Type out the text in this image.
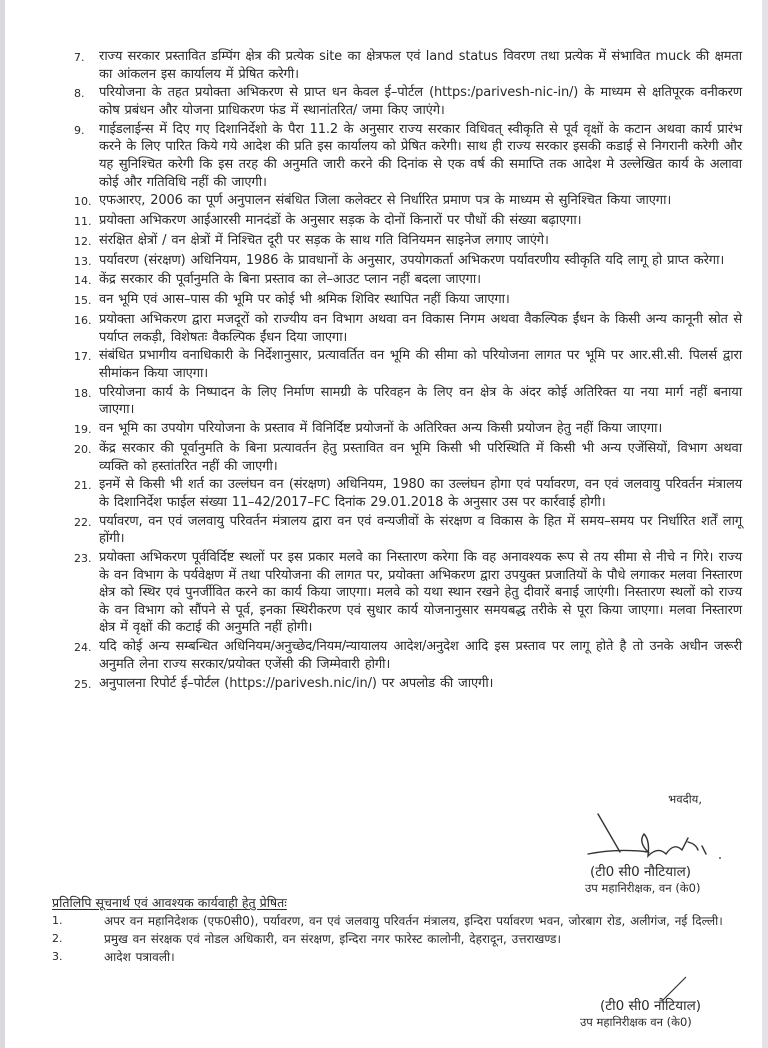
7.	राज्य सरकार प्रस्तावित डम्पिंग क्षेत्र की प्रत्येक site का क्षेत्रफल एवं land status विवरण तथा प्रत्येक में संभावित muck की क्षमता का आंकलन इस कार्यालय में प्रेषित करेगी।
8.	परियोजना के तहत प्रयोक्ता अभिकरण से प्राप्त धन केवल ई–पोर्टल (https:/parivesh-nic-in/) के माध्यम से क्षतिपूरक वनीकरण कोष प्रबंधन और योजना प्राधिकरण फंड में स्थानांतरित/ जमा किए जाएंगे।
9.	गाईडलाईन्स में दिए गए दिशानिर्देशो के पैरा 11.2 के अनुसार राज्य सरकार विधिवत् स्वीकृति से पूर्व वृक्षों के कटान अथवा कार्य प्रारंभ करने के लिए पारित किये गये आदेश की प्रति इस कार्यालय को प्रेषित करेगी। साथ ही राज्य सरकार इसकी कडाई से निगरानी करेगी और यह सुनिश्चित करेगी कि इस तरह की अनुमति जारी करने की दिनांक से एक वर्ष की समाप्ति तक आदेश मे उल्लेखित कार्य के अलावा कोई और गतिविधि नहीं की जाएगी।
10. एफआरए, 2006 का पूर्ण अनुपालन संबंधित जिला कलेक्टर से निर्धारित प्रमाण पत्र के माध्यम से सुनिश्चित किया जाएगा।
11. प्रयोक्ता अभिकरण आईआरसी मानदंडों के अनुसार सड़क के दोनों किनारों पर पौधों की संख्या बढ़ाएगा।
12. संरक्षित क्षेत्रों / वन क्षेत्रों में निश्चित दूरी पर सड़क के साथ गति विनियमन साइनेज लगाए जाएंगे।
13. पर्यावरण (संरक्षण) अधिनियम, 1986 के प्रावधानों के अनुसार, उपयोगकर्ता अभिकरण पर्यावरणीय स्वीकृति यदि लागू हो प्राप्त करेगा।
14. केंद्र सरकार की पूर्वानुमति के बिना प्रस्ताव का ले–आउट प्लान नहीं बदला जाएगा।
15. वन भूमि एवं आस–पास की भूमि पर कोई भी श्रमिक शिविर स्थापित नहीं किया जाएगा।
16. प्रयोक्ता अभिकरण द्वारा मजदूरों को राज्यीय वन विभाग अथवा वन विकास निगम अथवा वैकल्पिक ईंधन के किसी अन्य कानूनी स्रोत से पर्याप्त लकड़ी, विशेषतः वैकल्पिक ईंधन दिया जाएगा।
17. संबंधित प्रभागीय वनाधिकारी के निर्देशानुसार, प्रत्यावर्तित वन भूमि की सीमा को परियोजना लागत पर भूमि पर आर.सी.सी. पिलर्स द्वारा सीमांकन किया जाएगा।
18. परियोजना कार्य के निष्पादन के लिए निर्माण सामग्री के परिवहन के लिए वन क्षेत्र के अंदर कोई अतिरिक्त या नया मार्ग नहीं बनाया जाएगा।
19. वन भूमि का उपयोग परियोजना के प्रस्ताव में विनिर्दिष्ट प्रयोजनों के अतिरिक्त अन्य किसी प्रयोजन हेतु नहीं किया जाएगा।
20. केंद्र सरकार की पूर्वानुमति के बिना प्रत्यावर्तन हेतु प्रस्तावित वन भूमि किसी भी परिस्थिति में किसी भी अन्य एजेंसियों, विभाग अथवा व्यक्ति को हस्तांतरित नहीं की जाएगी।
21. इनमें से किसी भी शर्त का उल्लंघन वन (संरक्षण) अधिनियम, 1980 का उल्लंघन होगा एवं पर्यावरण, वन एवं जलवायु परिवर्तन मंत्रालय के दिशानिर्देश फाईल संख्या 11–42/2017–FC दिनांक 29.01.2018 के अनुसार उस पर कार्रवाई होगी।
22. पर्यावरण, वन एवं जलवायु परिवर्तन मंत्रालय द्वारा वन एवं वन्यजीवों के संरक्षण व विकास के हित में समय–समय पर निर्धारित शर्तें लागू होंगी।
23. प्रयोक्ता अभिकरण पूर्वविर्दिष्ट स्थलों पर इस प्रकार मलवे का निस्तारण करेगा कि वह अनावश्यक रूप से तय सीमा से नीचे न गिरे। राज्य के वन विभाग के पर्यवेक्षण में तथा परियोजना की लागत पर, प्रयोक्ता अभिकरण द्वारा उपयुक्त प्रजातियों के पौधे लगाकर मलवा निस्तारण क्षेत्र को स्थिर एवं पुनर्जीवित करने का कार्य किया जाएगा। मलवे को यथा स्थान रखने हेतु दीवारें बनाई जाएंगी। निस्तारण स्थलों को राज्य के वन विभाग को सौंपने से पूर्व, इनका स्थिरीकरण एवं सुधार कार्य योजनानुसार समयबद्ध तरीके से पूरा किया जाएगा। मलवा निस्तारण क्षेत्र में वृक्षों की कटाई की अनुमति नहीं होगी।
24. यदि कोई अन्य सम्बन्धित अधिनियम/अनुच्छेद/नियम/न्यायालय आदेश/अनुदेश आदि इस प्रस्ताव पर लागू होते है तो उनके अधीन जरूरी अनुमति लेना राज्य सरकार/प्रयोक्त एजेंसी की जिम्मेवारी होगी।
25. अनुपालना रिपोर्ट ई–पोर्टल (https://parivesh.nic/in/) पर अपलोड की जाएगी।
भवदीय,
(टी0 सी0 नौटियाल)
उप महानिरीक्षक, वन (के0)
प्रतिलिपि सूचनार्थ एवं आवश्यक कार्यवाही हेतु प्रेषितः
1.	अपर वन महानिदेशक (एफ0सी0), पर्यावरण, वन एवं जलवायु परिवर्तन मंत्रालय, इन्दिरा पर्यावरण भवन, जोरबाग रोड, अलीगंज, नई दिल्ली।
2.	प्रमुख वन संरक्षक एवं नोडल अधिकारी, वन संरक्षण, इन्दिरा नगर फारेस्ट कालोनी, देहरादून, उत्तराखण्ड।
3.	आदेश पत्रावली।
(टी0 सी0 नौटियाल)
उप महानिरीक्षक वन (के0)
